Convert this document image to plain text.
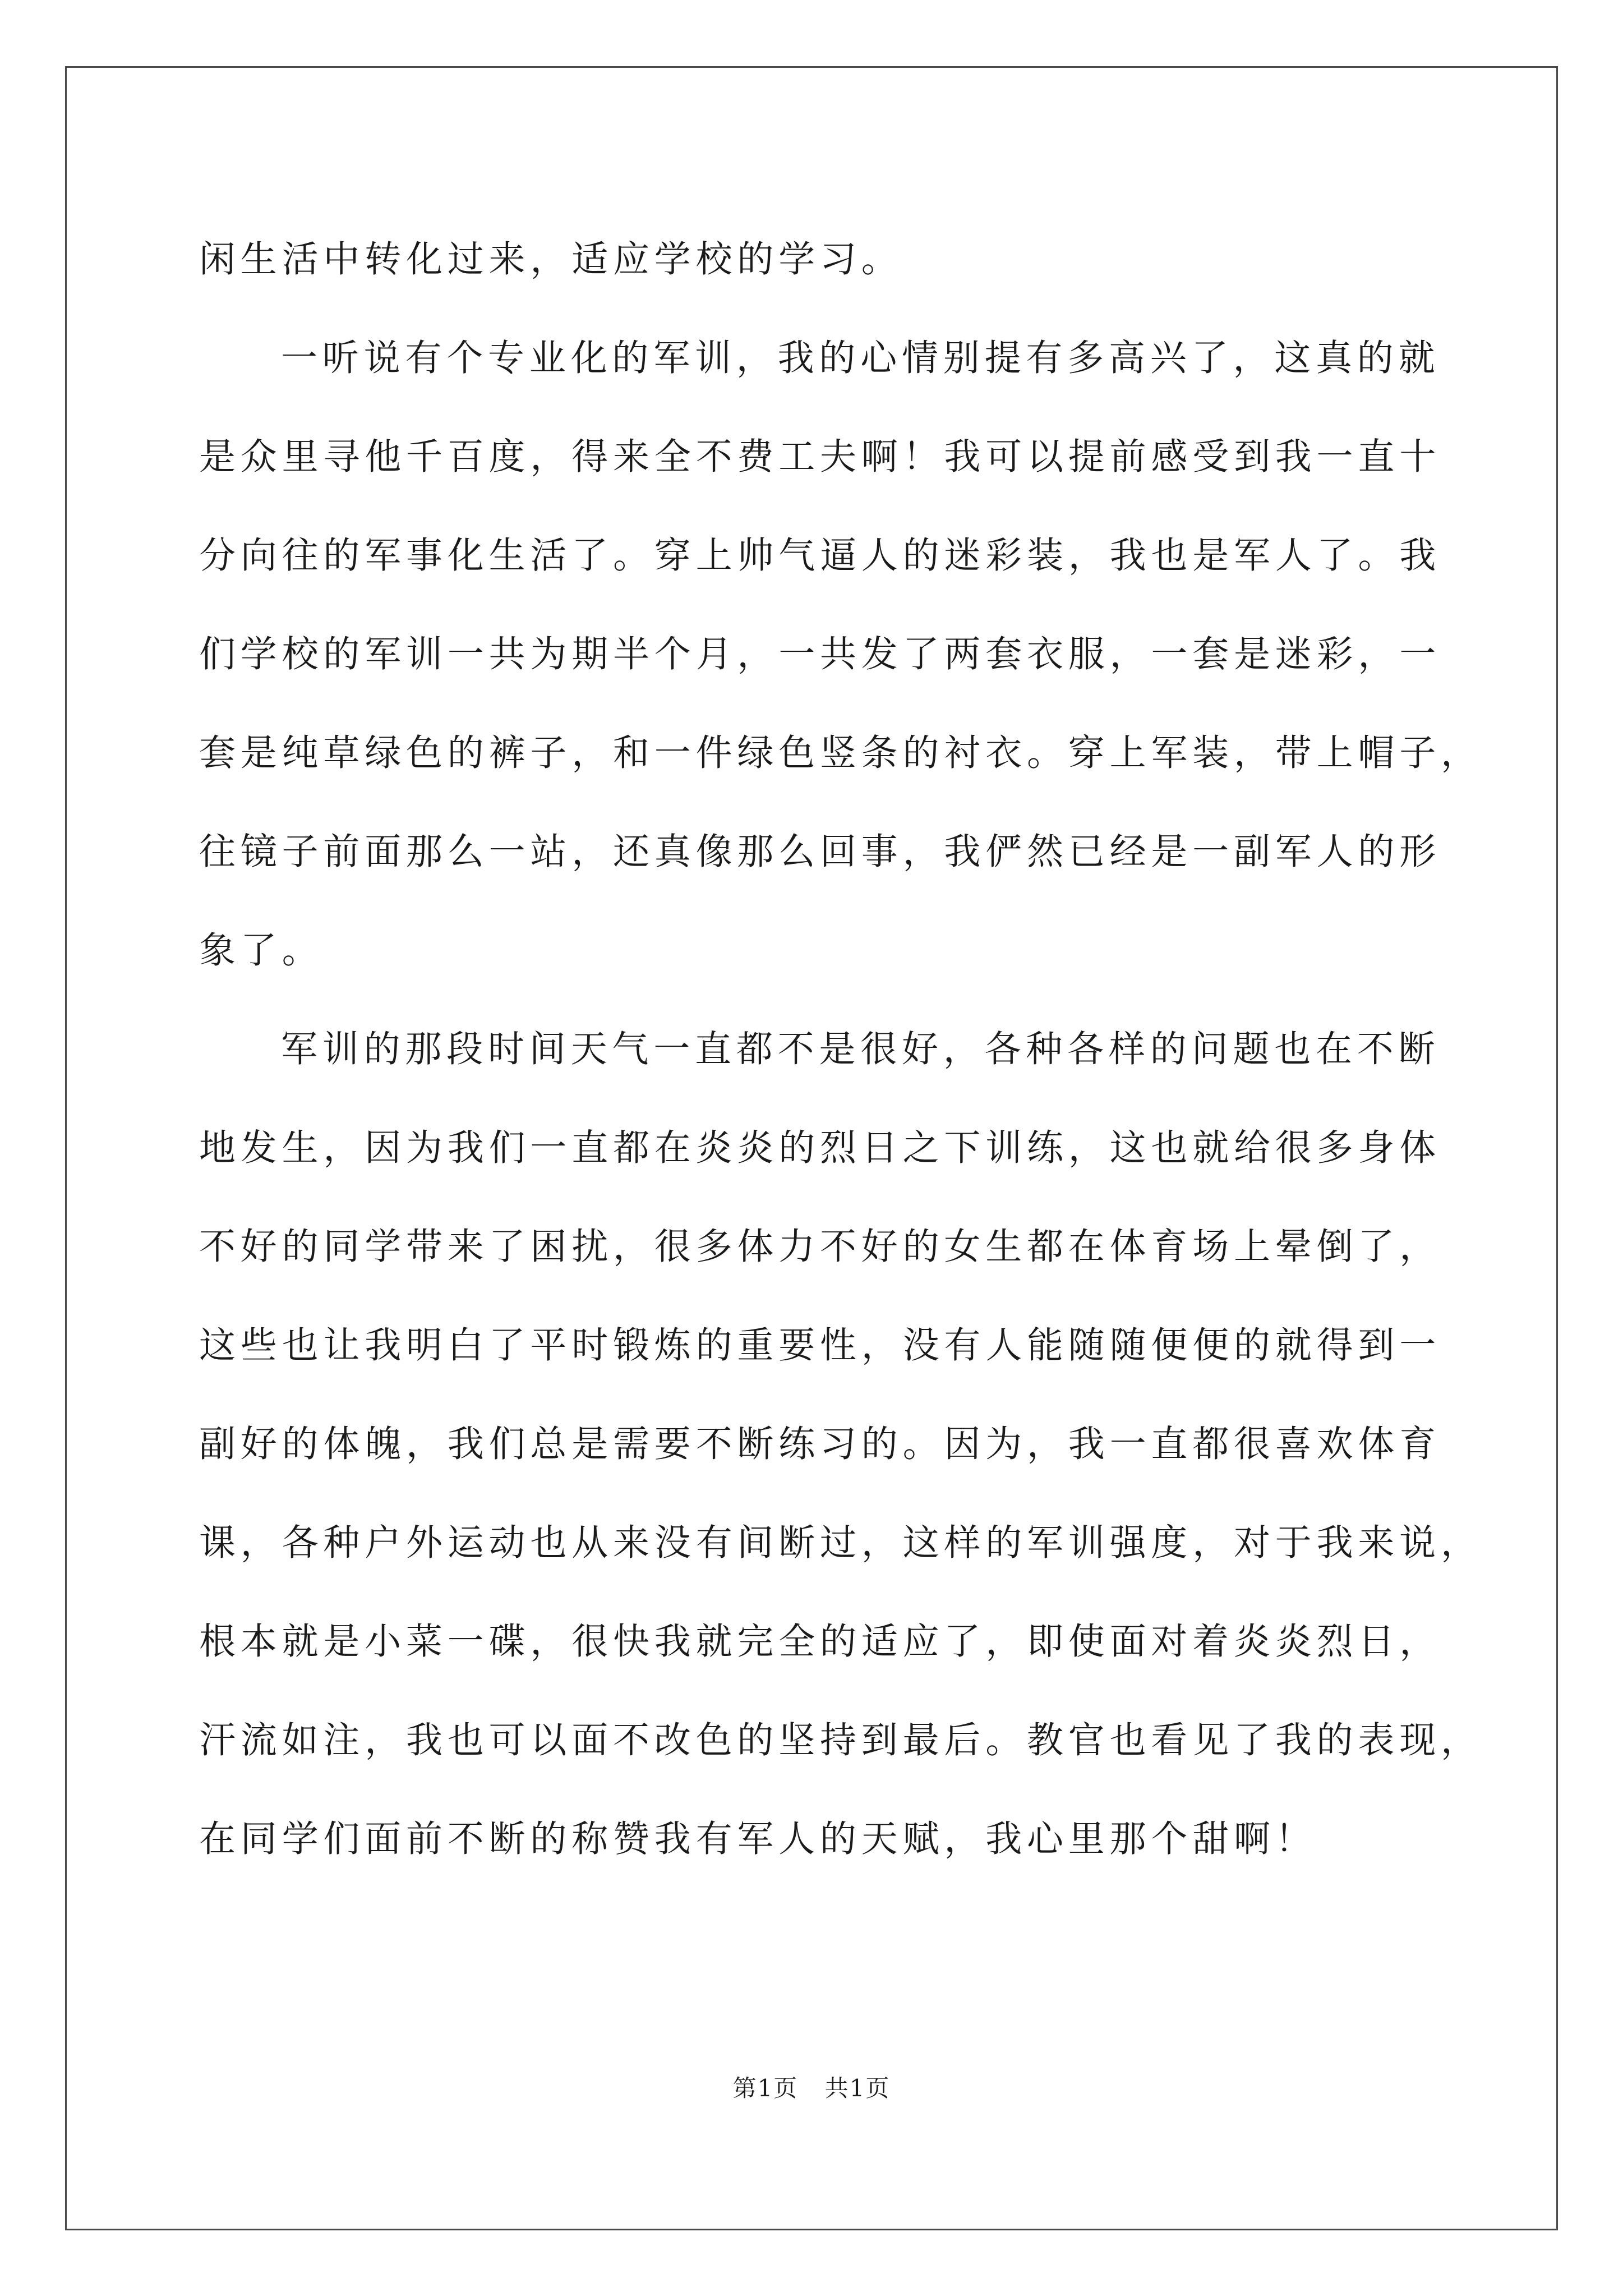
闲生活中转化过来，适应学校的学习。
一听说有个专业化的军训，我的心情别提有多高兴了，这真的就
是众里寻他千百度，得来全不费工夫啊！我可以提前感受到我一直十
分向往的军事化生活了。穿上帅气逼人的迷彩装，我也是军人了。我
们学校的军训一共为期半个月，一共发了两套衣服，一套是迷彩，一
套是纯草绿色的裤子，和一件绿色竖条的衬衣。穿上军装，带上帽子，
往镜子前面那么一站，还真像那么回事，我俨然已经是一副军人的形
象了。
军训的那段时间天气一直都不是很好，各种各样的问题也在不断
地发生，因为我们一直都在炎炎的烈日之下训练，这也就给很多身体
不好的同学带来了困扰，很多体力不好的女生都在体育场上晕倒了，
这些也让我明白了平时锻炼的重要性，没有人能随随便便的就得到一
副好的体魄，我们总是需要不断练习的。因为，我一直都很喜欢体育
课，各种户外运动也从来没有间断过，这样的军训强度，对于我来说，
根本就是小菜一碟，很快我就完全的适应了，即使面对着炎炎烈日，
汗流如注，我也可以面不改色的坚持到最后。教官也看见了我的表现，
在同学们面前不断的称赞我有军人的天赋，我心里那个甜啊！
第1页 共1页
